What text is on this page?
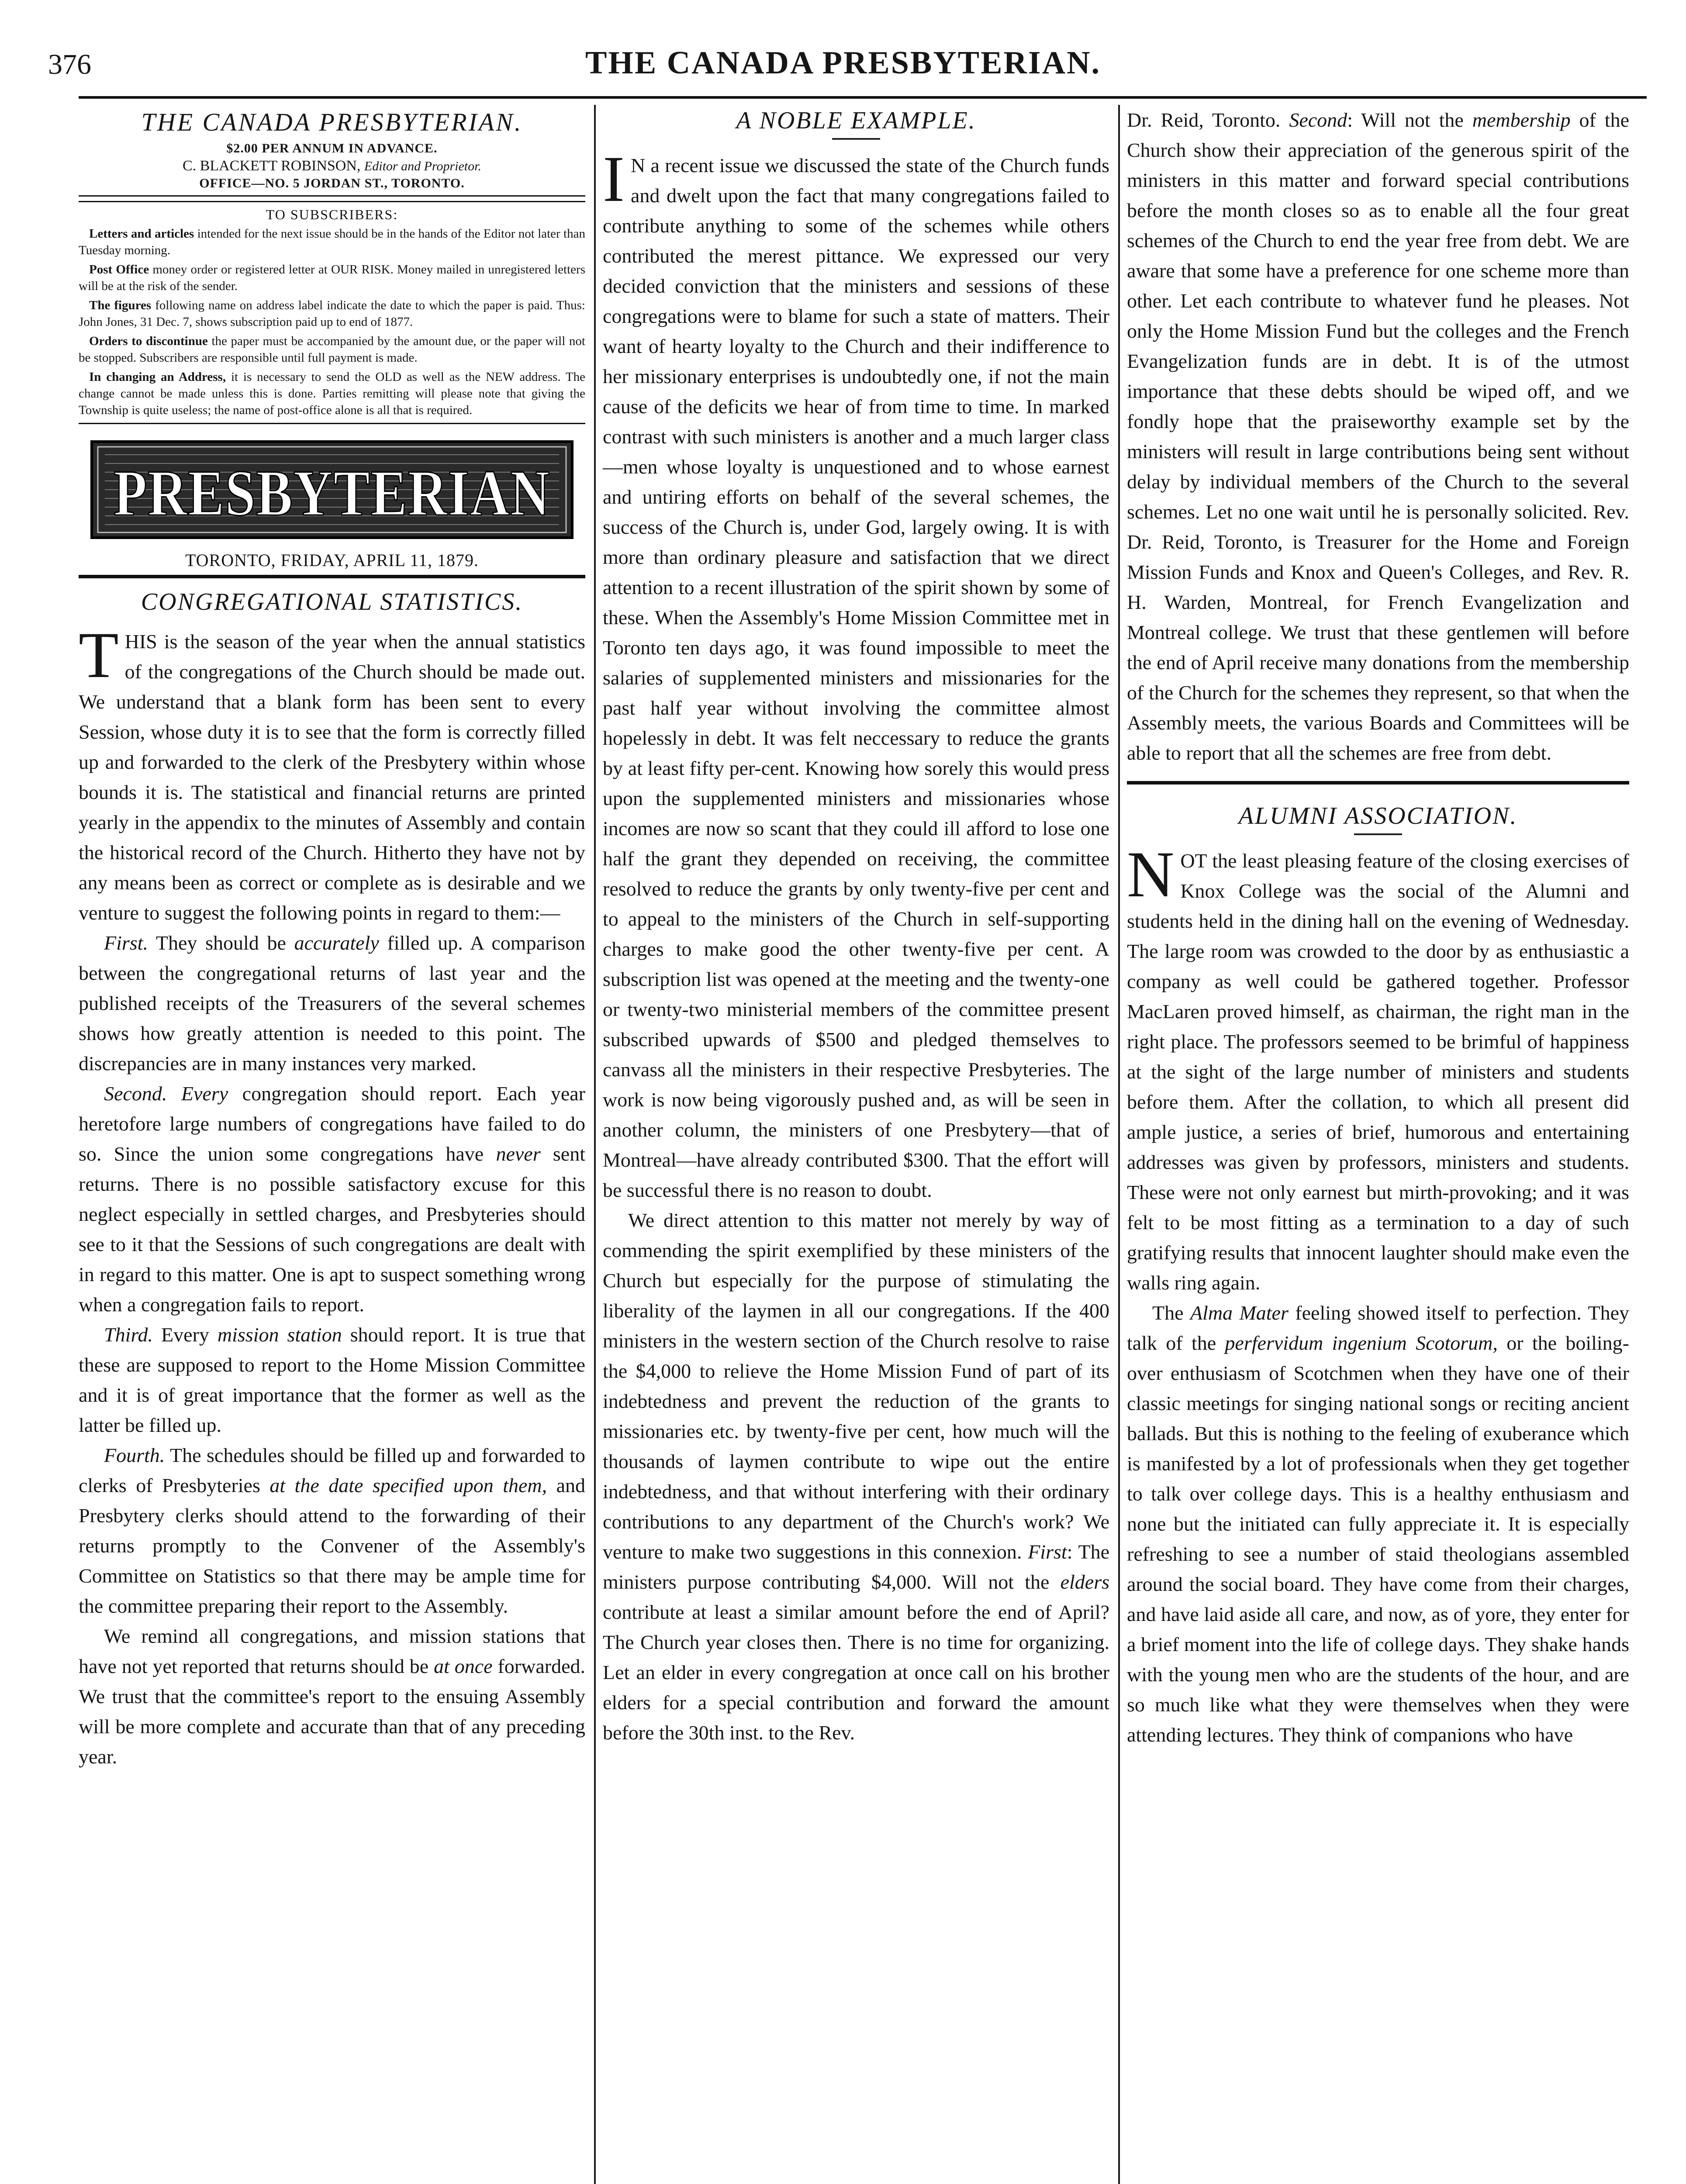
376	THE CANADA PRESBYTERIAN.
THE CANADA PRESBYTERIAN.
$2.00 PER ANNUM IN ADVANCE.
C. BLACKETT ROBINSON, Editor and Proprietor.
OFFICE—NO. 5 JORDAN ST., TORONTO.
TO SUBSCRIBERS:

Letters and articles intended for the next issue should be in the hands of the Editor not later than Tuesday morning.

Post Office money order or registered letter at OUR RISK. Money mailed in unregistered letters will be at the risk of the sender.

The figures following name on address label indicate the date to which the paper is paid. Thus: John Jones, 31 Dec. 7, shows subscription paid up to end of 1877.

Orders to discontinue the paper must be accompanied by the amount due, or the paper will not be stopped. Subscribers are responsible until full payment is made.

In changing an Address, it is necessary to send the OLD as well as the NEW address. The change cannot be made unless this is done. Parties remitting will please note that giving the Township is quite useless; the name of post-office alone is all that is required.

PRESBYTERIAN
TORONTO, FRIDAY, APRIL 11, 1879.
CONGREGATIONAL STATISTICS.

THIS is the season of the year when the annual statistics of the congregations of the Church should be made out. We understand that a blank form has been sent to every Session, whose duty it is to see that the form is correctly filled up and forwarded to the clerk of the Presbytery within whose bounds it is. The statistical and financial returns are printed yearly in the appendix to the minutes of Assembly and contain the historical record of the Church. Hitherto they have not by any means been as correct or complete as is desirable and we venture to suggest the following points in regard to them:—

First. They should be accurately filled up. A comparison between the congregational returns of last year and the published receipts of the Treasurers of the several schemes shows how greatly attention is needed to this point. The discrepancies are in many instances very marked.

Second. Every congregation should report. Each year heretofore large numbers of congregations have failed to do so. Since the union some congregations have never sent returns. There is no possible satisfactory excuse for this neglect especially in settled charges, and Presbyteries should see to it that the Sessions of such congregations are dealt with in regard to this matter. One is apt to suspect something wrong when a congregation fails to report.

Third. Every mission station should report. It is true that these are supposed to report to the Home Mission Committee and it is of great importance that the former as well as the latter be filled up.

Fourth. The schedules should be filled up and forwarded to clerks of Presbyteries at the date specified upon them, and Presbytery clerks should attend to the forwarding of their returns promptly to the Convener of the Assembly's Committee on Statistics so that there may be ample time for the committee preparing their report to the Assembly.

We remind all congregations, and mission stations that have not yet reported that returns should be at once forwarded. We trust that the committee's report to the ensuing Assembly will be more complete and accurate than that of any preceding year.

A NOBLE EXAMPLE.

I N a recent issue we discussed the state of the Church funds and dwelt upon the fact that many congregations failed to contribute anything to some of the schemes while others contributed the merest pittance. We expressed our very decided conviction that the ministers and sessions of these congregations were to blame for such a state of matters. Their want of hearty loyalty to the Church and their indifference to her missionary enterprises is undoubtedly one, if not the main cause of the deficits we hear of from time to time. In marked contrast with such ministers is another and a much larger class —men whose loyalty is unquestioned and to whose earnest and untiring efforts on behalf of the several schemes, the success of the Church is, under God, largely owing. It is with more than ordinary pleasure and satisfaction that we direct attention to a recent illustration of the spirit shown by some of these. When the Assembly's Home Mission Committee met in Toronto ten days ago, it was found impossible to meet the salaries of supplemented ministers and missionaries for the past half year without involving the committee almost hopelessly in debt. It was felt neccessary to reduce the grants by at least fifty per-cent. Knowing how sorely this would press upon the supplemented ministers and missionaries whose incomes are now so scant that they could ill afford to lose one half the grant they depended on receiving, the committee resolved to reduce the grants by only twenty-five per cent and to appeal to the ministers of the Church in self-supporting charges to make good the other twenty-five per cent. A subscription list was opened at the meeting and the twenty-one or twenty-two ministerial members of the committee present subscribed upwards of $500 and pledged themselves to canvass all the ministers in their respective Presbyteries. The work is now being vigorously pushed and, as will be seen in another column, the ministers of one Presbytery—that of Montreal—have already contributed $300. That the effort will be successful there is no reason to doubt.

We direct attention to this matter not merely by way of commending the spirit exemplified by these ministers of the Church but especially for the purpose of stimulating the liberality of the laymen in all our congregations. If the 400 ministers in the western section of the Church resolve to raise the $4,000 to relieve the Home Mission Fund of part of its indebtedness and prevent the reduction of the grants to missionaries etc. by twenty-five per cent, how much will the thousands of laymen contribute to wipe out the entire indebtedness, and that without interfering with their ordinary contributions to any department of the Church's work? We venture to make two suggestions in this connexion. First: The ministers purpose contributing $4,000. Will not the elders contribute at least a similar amount before the end of April? The Church year closes then. There is no time for organizing. Let an elder in every congregation at once call on his brother elders for a special contribution and forward the amount before the 30th inst. to the Rev.

Dr. Reid, Toronto. Second: Will not the membership of the Church show their appreciation of the generous spirit of the ministers in this matter and forward special contributions before the month closes so as to enable all the four great schemes of the Church to end the year free from debt. We are aware that some have a preference for one scheme more than other. Let each contribute to whatever fund he pleases. Not only the Home Mission Fund but the colleges and the French Evangelization funds are in debt. It is of the utmost importance that these debts should be wiped off, and we fondly hope that the praiseworthy example set by the ministers will result in large contributions being sent without delay by individual members of the Church to the several schemes. Let no one wait until he is personally solicited. Rev. Dr. Reid, Toronto, is Treasurer for the Home and Foreign Mission Funds and Knox and Queen's Colleges, and Rev. R. H. Warden, Montreal, for French Evangelization and Montreal college. We trust that these gentlemen will before the end of April receive many donations from the membership of the Church for the schemes they represent, so that when the Assembly meets, the various Boards and Committees will be able to report that all the schemes are free from debt.

ALUMNI ASSOCIATION.

NOT the least pleasing feature of the closing exercises of Knox College was the social of the Alumni and students held in the dining hall on the evening of Wednesday. The large room was crowded to the door by as enthusiastic a company as well could be gathered together. Professor MacLaren proved himself, as chairman, the right man in the right place. The professors seemed to be brimful of happiness at the sight of the large number of ministers and students before them. After the collation, to which all present did ample justice, a series of brief, humorous and entertaining addresses was given by professors, ministers and students. These were not only earnest but mirth-provoking; and it was felt to be most fitting as a termination to a day of such gratifying results that innocent laughter should make even the walls ring again.

The Alma Mater feeling showed itself to perfection. They talk of the perfervidum ingenium Scotorum, or the boiling-over enthusiasm of Scotchmen when they have one of their classic meetings for singing national songs or reciting ancient ballads. But this is nothing to the feeling of exuberance which is manifested by a lot of professionals when they get together to talk over college days. This is a healthy enthusiasm and none but the initiated can fully appreciate it. It is especially refreshing to see a number of staid theologians assembled around the social board. They have come from their charges, and have laid aside all care, and now, as of yore, they enter for a brief moment into the life of college days. They shake hands with the young men who are the students of the hour, and are so much like what they were themselves when they were attending lectures. They think of companions who have
